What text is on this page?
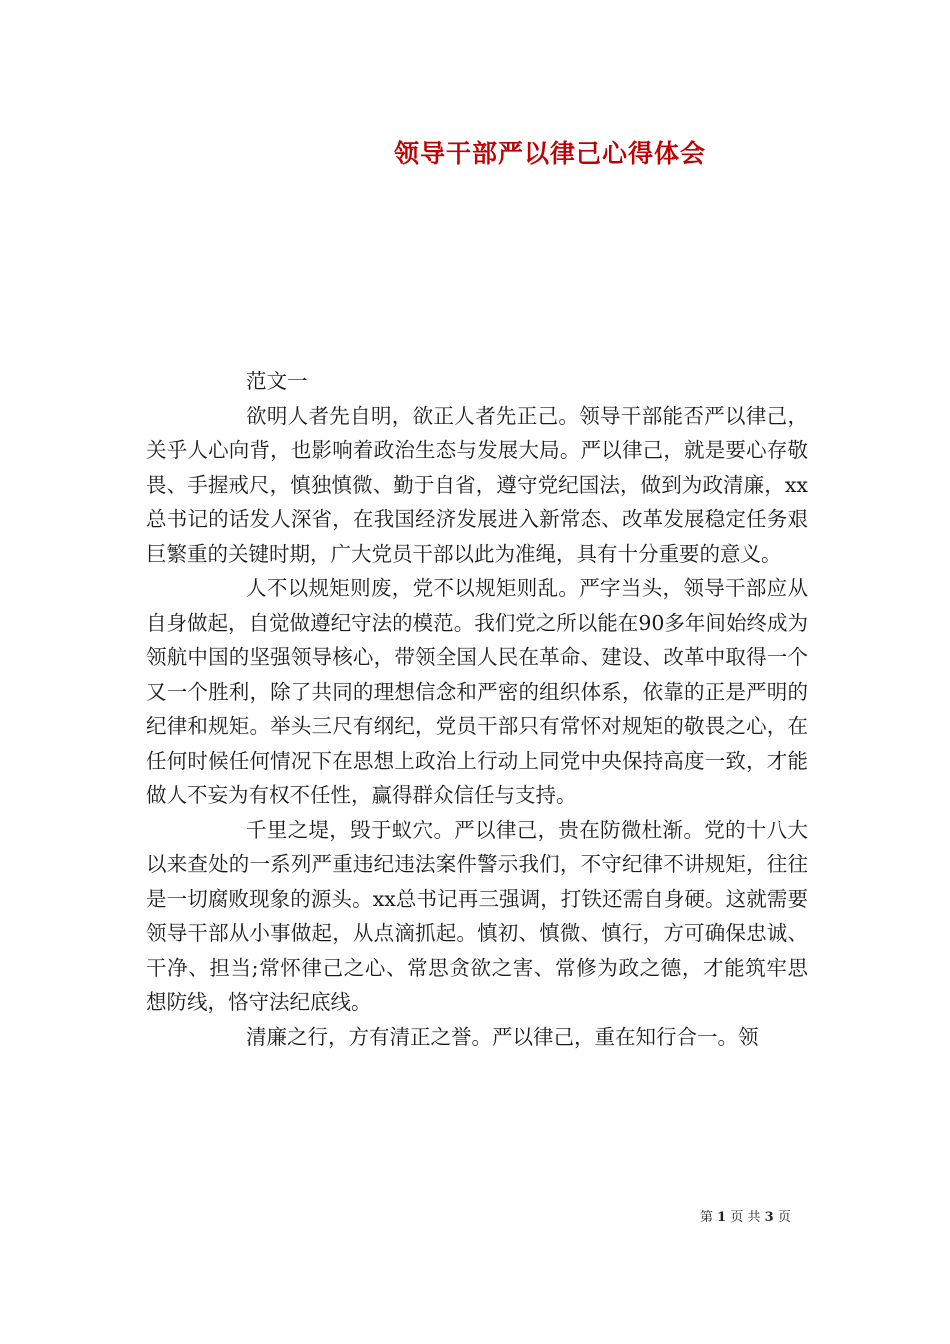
领导干部严以律己心得体会

范文一

欲明人者先自明，欲正人者先正己。领导干部能否严以律己，关乎人心向背，也影响着政治生态与发展大局。严以律己，就是要心存敬畏、手握戒尺，慎独慎微、勤于自省，遵守党纪国法，做到为政清廉，xx总书记的话发人深省，在我国经济发展进入新常态、改革发展稳定任务艰巨繁重的关键时期，广大党员干部以此为准绳，具有十分重要的意义。

人不以规矩则废，党不以规矩则乱。严字当头，领导干部应从自身做起，自觉做遵纪守法的模范。我们党之所以能在90多年间始终成为领航中国的坚强领导核心，带领全国人民在革命、建设、改革中取得一个又一个胜利，除了共同的理想信念和严密的组织体系，依靠的正是严明的纪律和规矩。举头三尺有纲纪，党员干部只有常怀对规矩的敬畏之心，在任何时候任何情况下在思想上政治上行动上同党中央保持高度一致，才能做人不妄为有权不任性，赢得群众信任与支持。

千里之堤，毁于蚁穴。严以律己，贵在防微杜渐。党的十八大以来查处的一系列严重违纪违法案件警示我们，不守纪律不讲规矩，往往是一切腐败现象的源头。xx总书记再三强调，打铁还需自身硬。这就需要领导干部从小事做起，从点滴抓起。慎初、慎微、慎行，方可确保忠诚、干净、担当;常怀律己之心、常思贪欲之害、常修为政之德，才能筑牢思想防线，恪守法纪底线。

清廉之行，方有清正之誉。严以律己，重在知行合一。领

第 1 页 共 3 页
